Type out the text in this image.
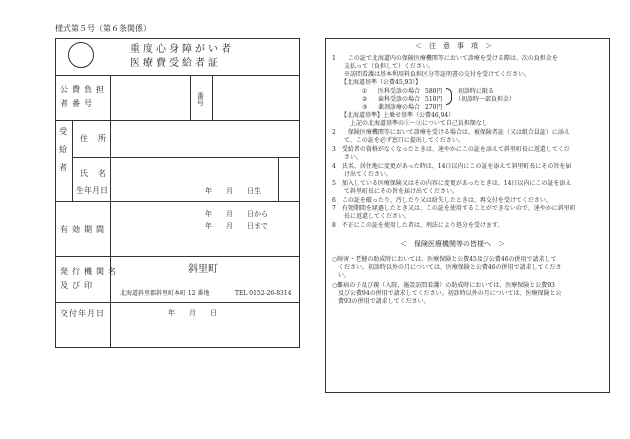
様式第５号（第６条関係）
重度心身障がい者
医療費受給者証
公費負担
者番号	番号
受給者 住所
氏名
生年月日	年　　月　　日生
有効期間
年　　月　　日から
年　　月　　日まで
発行機関名
及び印
斜里町
北海道斜里郡斜里町本町 12 番地	TEL 0152-26-8314
交付年月日	年　　月　　日
＜　注　意　事　項　＞
1　　この証で北海道内の保険医療機関等において診療を受ける際は、次の負担金を
　　支払って（負担して）ください。
　　※訪問看護は基本利用料負担区分等証明書の交付を受けてください。
　　【北海道基準（公費45,93）】
① 医科受診の場合 580円
② 歯科受診の場合 510円
③ 薬剤診療の場合 270円
初診時に限る
（初診時一部負担金）
　　【北海道基準】上乗せ基準（公費46,94）
　　　上記の北海道基準の①～③について自己負担額なし
2　　保険医療機関等において診療を受ける場合は、被保険者証（又は組合員証）に添え
　　て、この証を必ず窓口に提出してください。
3　受給者の資格がなくなったときは、速やかにこの証を添えて斜里町長に返還してくだ
　　さい。
4　氏名、居住地に変更があった時は、14日以内にこの証を添えて斜里町長にその旨を届
　　け出てください。
5　加入している医療保険又はその内容に変更があったときは、14日以内にこの証を添え
　　て斜里町長にその旨を届け出てください。
6　この証を破ったり、汚したり又は紛失したときは、再交付を受けてください。
7　有効期間を経過したとき又は、この証を使用することができないので、速やかに斜里町
　　長に返還してください。
8　不正にこの証を使用した者は、刑法により処分を受けます。
＜　保険医療機関等の皆様へ　＞
○障害・老健の助成時においては、医療保険と公費45及び公費46の併用で請求して
　ください。初診時以外の月については、医療保険と公費46の併用で請求してくださ
　い。
○難病の子及び親（入院、施設訪問看護）の助成時においては、医療保険と公費93
　及び公費94の併用で請求してください。初診時以外の月については、医療保険と公
　費93の併用で請求してください。
